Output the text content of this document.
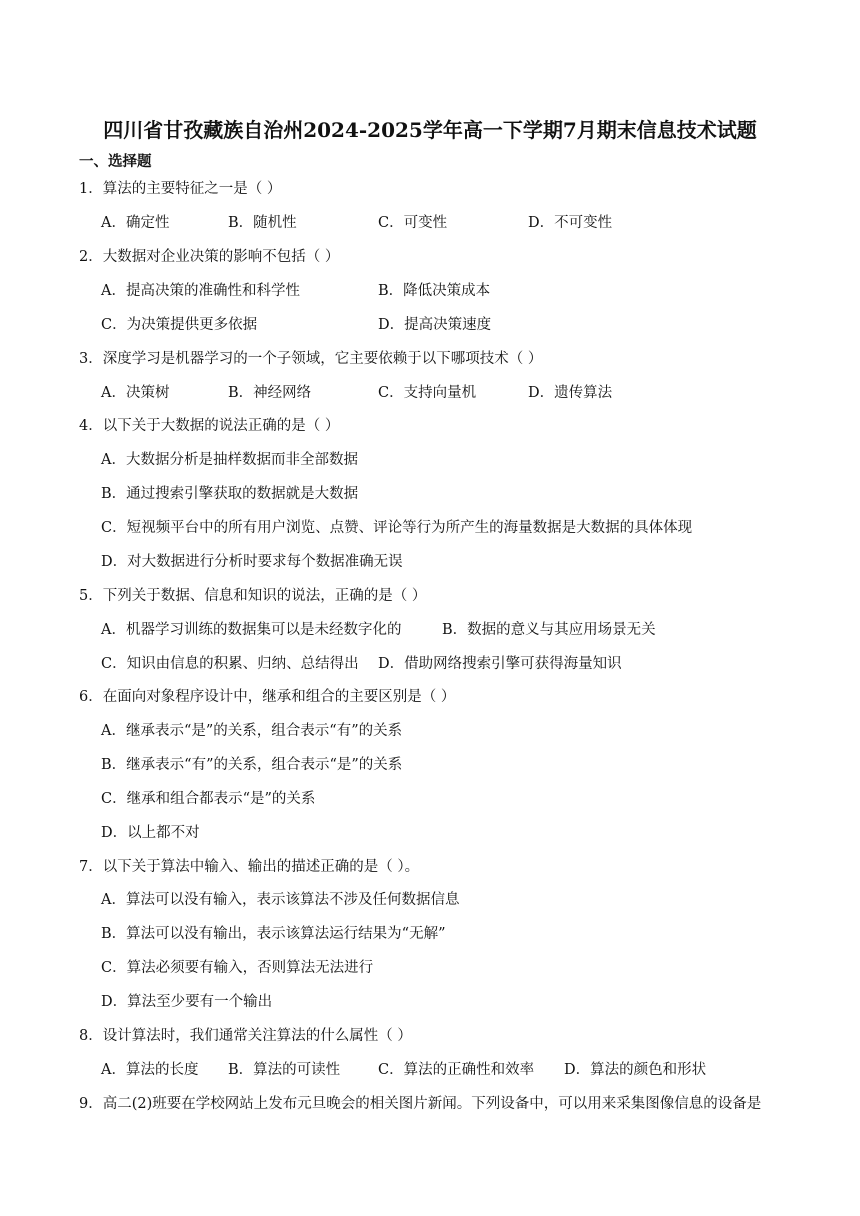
四川省甘孜藏族自治州2024-2025学年高一下学期7月期末信息技术试题
一、选择题
1．算法的主要特征之一是（ ）
A．确定性	B．随机性	C．可变性	D．不可变性
2．大数据对企业决策的影响不包括（ ）
A．提高决策的准确性和科学性	B．降低决策成本
C．为决策提供更多依据	D．提高决策速度
3．深度学习是机器学习的一个子领域，它主要依赖于以下哪项技术（ ）
A．决策树	B．神经网络	C．支持向量机	D．遗传算法
4．以下关于大数据的说法正确的是（ ）
A．大数据分析是抽样数据而非全部数据
B．通过搜索引擎获取的数据就是大数据
C．短视频平台中的所有用户浏览、点赞、评论等行为所产生的海量数据是大数据的具体体现
D．对大数据进行分析时要求每个数据准确无误
5．下列关于数据、信息和知识的说法，正确的是（ ）
A．机器学习训练的数据集可以是未经数字化的	B．数据的意义与其应用场景无关
C．知识由信息的积累、归纳、总结得出 D．借助网络搜索引擎可获得海量知识
6．在面向对象程序设计中，继承和组合的主要区别是（ ）
A．继承表示“是”的关系，组合表示“有”的关系
B．继承表示“有”的关系，组合表示“是”的关系
C．继承和组合都表示“是”的关系
D．以上都不对
7．以下关于算法中输入、输出的描述正确的是（ ）。
A．算法可以没有输入，表示该算法不涉及任何数据信息
B．算法可以没有输出，表示该算法运行结果为“无解”
C．算法必须要有输入，否则算法无法进行
D．算法至少要有一个输出
8．设计算法时，我们通常关注算法的什么属性（ ）
A．算法的长度 B．算法的可读性	C．算法的正确性和效率 D．算法的颜色和形状
9．高二(2)班要在学校网站上发布元旦晚会的相关图片新闻。下列设备中，可以用来采集图像信息的设备是
